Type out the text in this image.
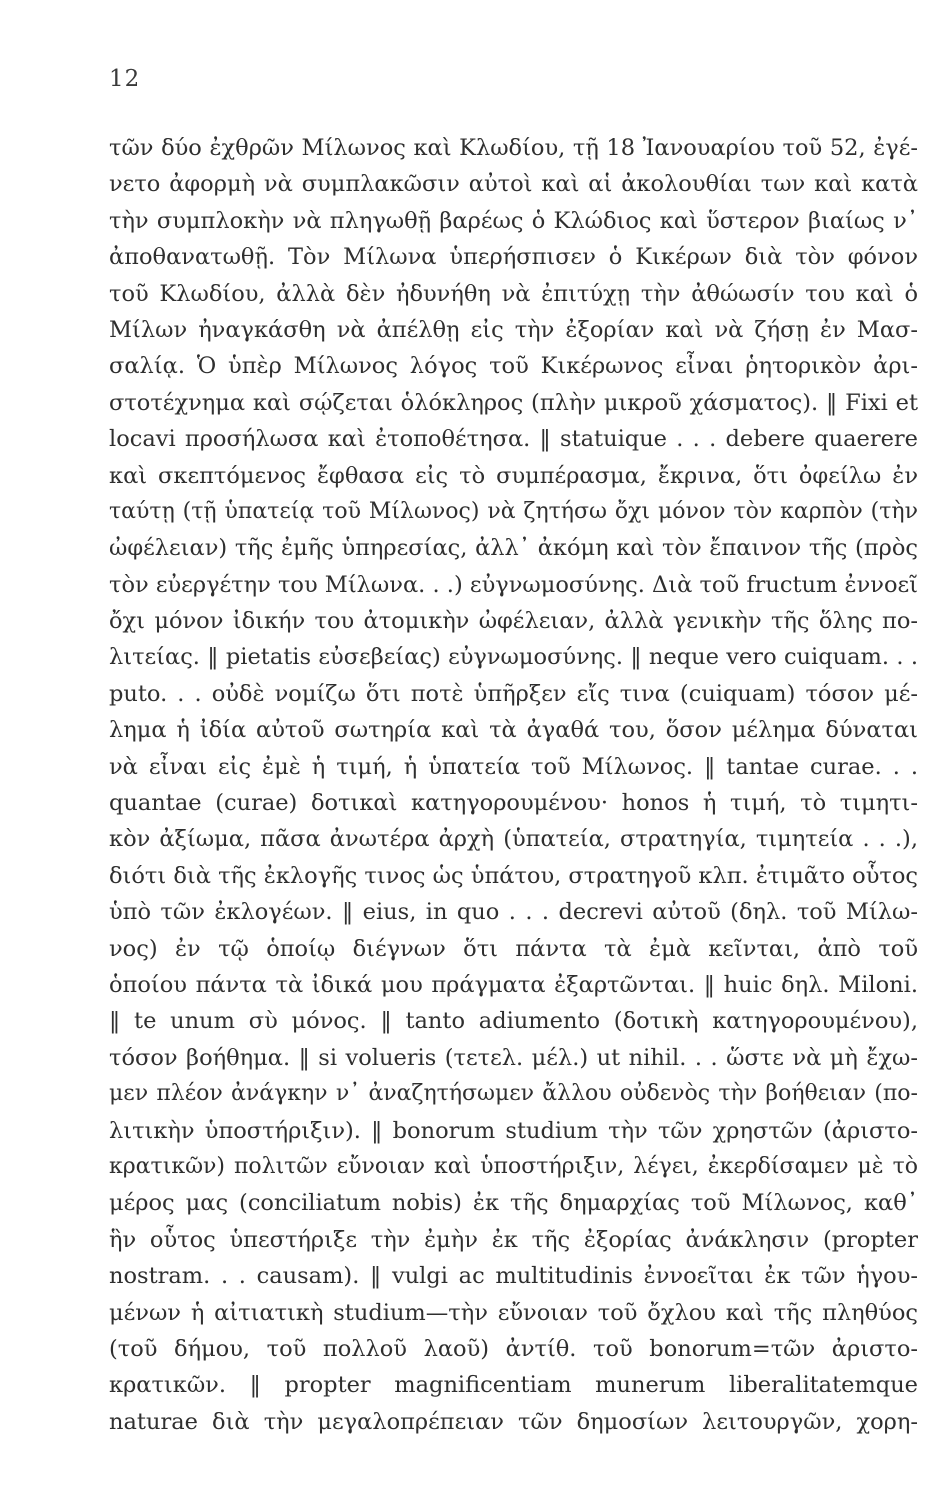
12
τῶν δύο ἐχθρῶν Μίλωνος καὶ Κλωδίου, τῇ 18 Ἰανουαρίου τοῦ 52, ἐγέ-
νετο ἀφορμὴ νὰ συμπλακῶσιν αὐτοὶ καὶ αἱ ἀκολουθίαι των καὶ κατὰ
τὴν συμπλοκὴν νὰ πληγωθῇ βαρέως ὁ Κλώδιος καὶ ὕστερον βιαίως ν᾽
ἀποθανατωθῇ. Τὸν Μίλωνα ὑπερήσπισεν ὁ Κικέρων διὰ τὸν φόνον
τοῦ Κλωδίου, ἀλλὰ δὲν ἠδυνήθη νὰ ἐπιτύχῃ τὴν ἀθώωσίν του καὶ ὁ
Μίλων ἠναγκάσθη νὰ ἀπέλθῃ εἰς τὴν ἐξορίαν καὶ νὰ ζήσῃ ἐν Μασ-
σαλίᾳ. Ὁ ὑπὲρ Μίλωνος λόγος τοῦ Κικέρωνος εἶναι ῥητορικὸν ἀρι-
στοτέχνημα καὶ σῴζεται ὁλόκληρος (πλὴν μικροῦ χάσματος). ‖ Fixi et
locavi προσήλωσα καὶ ἐτοποθέτησα. ‖ statuique . . . debere quaerere
καὶ σκεπτόμενος ἔφθασα εἰς τὸ συμπέρασμα, ἔκρινα, ὅτι ὀφείλω ἐν
ταύτῃ (τῇ ὑπατείᾳ τοῦ Μίλωνος) νὰ ζητήσω ὄχι μόνον τὸν καρπὸν (τὴν
ὠφέλειαν) τῆς ἐμῆς ὑπηρεσίας, ἀλλ᾽ ἀκόμη καὶ τὸν ἔπαινον τῆς (πρὸς
τὸν εὐεργέτην του Μίλωνα. . .) εὐγνωμοσύνης. Διὰ τοῦ fructum ἐννοεῖ
ὄχι μόνον ἰδικήν του ἀτομικὴν ὠφέλειαν, ἀλλὰ γενικὴν τῆς ὅλης πο-
λιτείας. ‖ pietatis εὐσεβείας) εὐγνωμοσύνης. ‖ neque vero cuiquam. . .
puto. . . οὐδὲ νομίζω ὅτι ποτὲ ὑπῆρξεν εἴς τινα (cuiquam) τόσον μέ-
λημα ἡ ἰδία αὐτοῦ σωτηρία καὶ τὰ ἀγαθά του, ὅσον μέλημα δύναται
νὰ εἶναι εἰς ἐμὲ ἡ τιμή, ἡ ὑπατεία τοῦ Μίλωνος. ‖ tantae curae. . .
quantae (curae) δοτικαὶ κατηγορουμένου· honos ἡ τιμή, τὸ τιμητι-
κὸν ἀξίωμα, πᾶσα ἀνωτέρα ἀρχὴ (ὑπατεία, στρατηγία, τιμητεία . . .),
διότι διὰ τῆς ἐκλογῆς τινος ὡς ὑπάτου, στρατηγοῦ κλπ. ἐτιμᾶτο οὗτος
ὑπὸ τῶν ἐκλογέων. ‖ eius, in quo . . . decrevi αὐτοῦ (δηλ. τοῦ Μίλω-
νος) ἐν τῷ ὁποίῳ διέγνων ὅτι πάντα τὰ ἐμὰ κεῖνται, ἀπὸ τοῦ
ὁποίου πάντα τὰ ἰδικά μου πράγματα ἐξαρτῶνται. ‖ huic δηλ. Miloni.
‖ te unum σὺ μόνος. ‖ tanto adiumento (δοτικὴ κατηγορουμένου),
τόσον βοήθημα. ‖ si volueris (τετελ. μέλ.) ut nihil. . . ὥστε νὰ μὴ ἔχω-
μεν πλέον ἀνάγκην ν᾽ ἀναζητήσωμεν ἄλλου οὐδενὸς τὴν βοήθειαν (πο-
λιτικὴν ὑποστήριξιν). ‖ bonorum studium τὴν τῶν χρηστῶν (ἀριστο-
κρατικῶν) πολιτῶν εὔνοιαν καὶ ὑποστήριξιν, λέγει, ἐκερδίσαμεν μὲ τὸ
μέρος μας (conciliatum nobis) ἐκ τῆς δημαρχίας τοῦ Μίλωνος, καθ᾽
ἣν οὗτος ὑπεστήριξε τὴν ἐμὴν ἐκ τῆς ἐξορίας ἀνάκλησιν (propter
nostram. . . causam). ‖ vulgi ac multitudinis ἐννοεῖται ἐκ τῶν ἡγου-
μένων ἡ αἰτιατικὴ studium—τὴν εὔνοιαν τοῦ ὄχλου καὶ τῆς πληθύος
(τοῦ δήμου, τοῦ πολλοῦ λαοῦ) ἀντίθ. τοῦ bonorum=τῶν ἀριστο-
κρατικῶν. ‖ propter magnificentiam munerum liberalitatemque
naturae διὰ τὴν μεγαλοπρέπειαν τῶν δημοσίων λειτουργῶν, χορη-
